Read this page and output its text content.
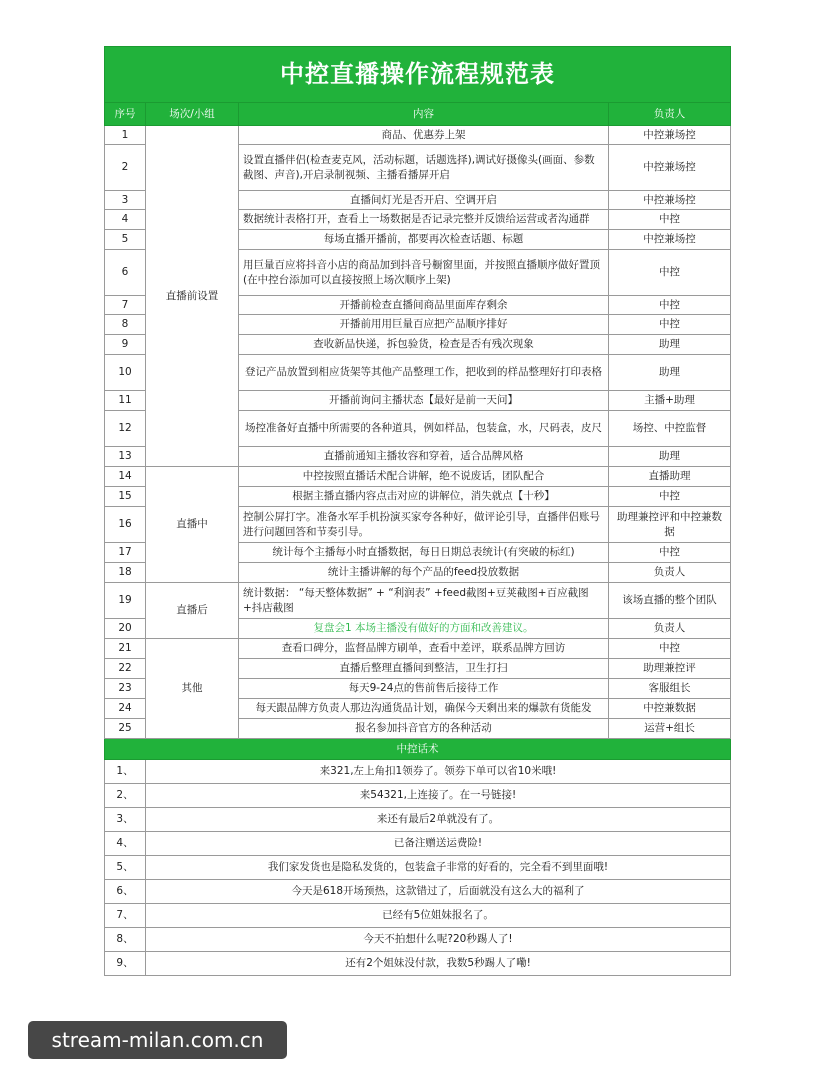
中控直播操作流程规范表			
序号	场次/小组	内容	负责人
1	直播前设置	商品、优惠券上架	中控兼场控
2		设置直播伴侣(检查麦克风，活动标题，话题选择),调试好摄像头(画面、参数截图、声音),开启录制视频、主播看播屏开启	中控兼场控
3		直播间灯光是否开启、空调开启	中控兼场控
4		数据统计表格打开，查看上一场数据是否记录完整并反馈给运营或者沟通群	中控
5		每场直播开播前，都要再次检查话题、标题	中控兼场控
6		用巨量百应将抖音小店的商品加到抖音号橱窗里面，并按照直播顺序做好置顶(在中控台添加可以直接按照上场次顺序上架)	中控
7		开播前检查直播间商品里面库存剩余	中控
8		开播前用用巨量百应把产品顺序排好	中控
9		查收新品快递，拆包验货，检查是否有残次现象	助理
10		登记产品放置到相应货架等其他产品整理工作，把收到的样品整理好打印表格	助理
11		开播前询问主播状态【最好是前一天问】	主播+助理
12		场控准备好直播中所需要的各种道具，例如样品，包装盒，水，尺码表，皮尺	场控、中控监督
13		直播前通知主播妆容和穿着，适合品牌风格	助理
14	直播中	中控按照直播话术配合讲解，绝不说废话，团队配合	直播助理
15		根据主播直播内容点击对应的讲解位，消失就点【十秒】	中控
16		控制公屏打字。准备水军手机扮演买家夸各种好，做评论引导，直播伴侣账号进行问题回答和节奏引导。	助理兼控评和中控兼数据
17		统计每个主播每小时直播数据，每日日期总表统计(有突破的标红)	中控
18		统计主播讲解的每个产品的feed投放数据	负责人
19	直播后	统计数据： “每天整体数据” + “利润表” +feed截图+豆荚截图+百应截图+抖店截图	该场直播的整个团队
20		复盘会1 本场主播没有做好的方面和改善建议。	负责人
21	其他	查看口碑分，监督品牌方刷单，查看中差评，联系品牌方回访	中控
22		直播后整理直播间到整洁，卫生打扫	助理兼控评
23		每天9-24点的售前售后接待工作	客服组长
24		每天跟品牌方负责人那边沟通货品计划，确保今天剩出来的爆款有货能发	中控兼数据
25		报名参加抖音官方的各种活动	运营+组长
中控话术			
1、	来321,左上角扣1领券了。领券下单可以省10米哦!		
2、	来54321,上连接了。在一号链接!		
3、	来还有最后2单就没有了。		
4、	已备注赠送运费险!		
5、	我们家发货也是隐私发货的，包装盒子非常的好看的，完全看不到里面哦!		
6、	今天是618开场预热，这款错过了，后面就没有这么大的福利了		
7、	已经有5位姐妹报名了。		
8、	今天不拍想什么呢?20秒踢人了!		
9、	还有2个姐妹没付款，我数5秒踢人了嘞!		
stream-milan.com.cn
